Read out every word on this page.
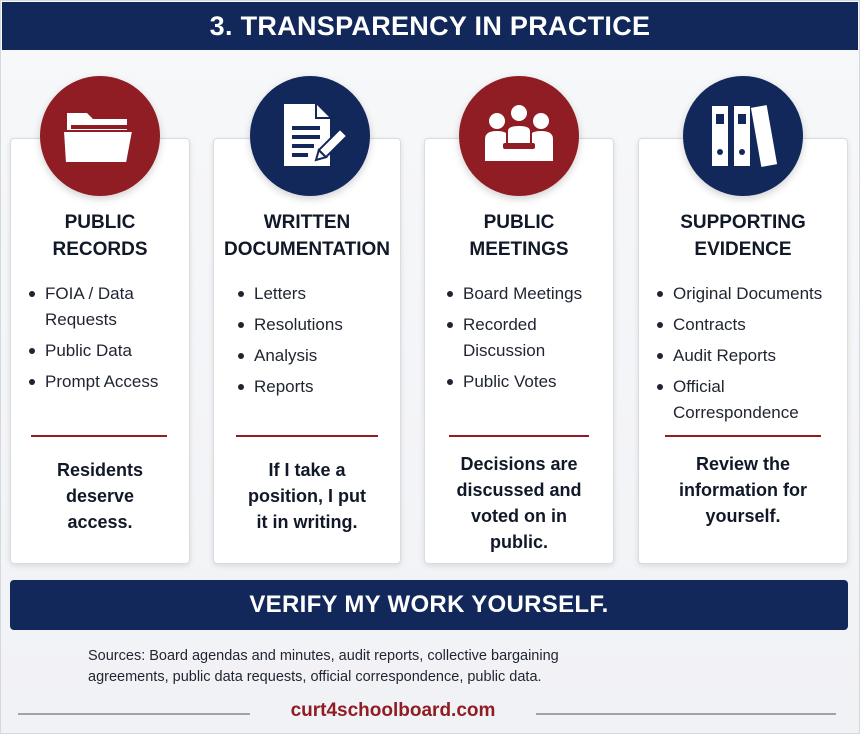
3. TRANSPARENCY IN PRACTICE
PUBLIC
RECORDS
FOIA / Data Requests
Public Data
Prompt Access
Residents
deserve
access.
WRITTEN
DOCUMENTATION
Letters
Resolutions
Analysis
Reports
If I take a
position, I put
it in writing.
PUBLIC
MEETINGS
Board Meetings
Recorded Discussion
Public Votes
Decisions are
discussed and
voted on in
public.
SUPPORTING
EVIDENCE
Original Documents
Contracts
Audit Reports
Official Correspondence
Review the
information for
yourself.
VERIFY MY WORK YOURSELF.
Sources: Board agendas and minutes, audit reports, collective bargaining
agreements, public data requests, official correspondence, public data.
curt4schoolboard.com
